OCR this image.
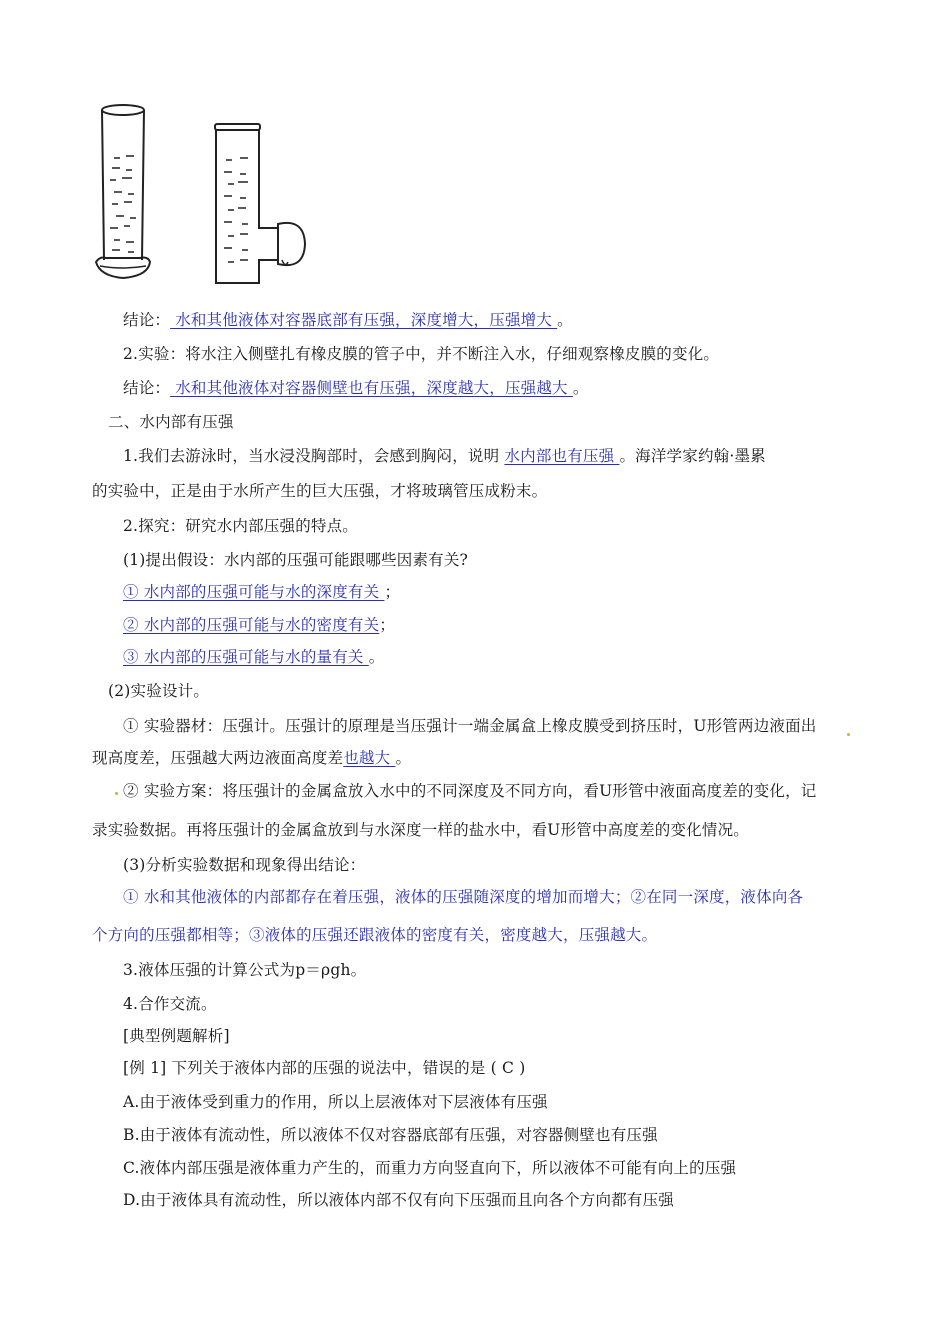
结论： 水和其他液体对容器底部有压强，深度增大，压强增大 。
2.实验：将水注入侧壁扎有橡皮膜的管子中，并不断注入水，仔细观察橡皮膜的变化。
结论： 水和其他液体对容器侧壁也有压强，深度越大，压强越大 。
二、水内部有压强
1.我们去游泳时，当水浸没胸部时，会感到胸闷，说明 水内部也有压强 。海洋学家约翰·墨累
的实验中，正是由于水所产生的巨大压强，才将玻璃管压成粉末。
2.探究：研究水内部压强的特点。
(1)提出假设：水内部的压强可能跟哪些因素有关?
① 水内部的压强可能与水的深度有关 ；
② 水内部的压强可能与水的密度有关；
③ 水内部的压强可能与水的量有关 。
(2)实验设计。
① 实验器材：压强计。压强计的原理是当压强计一端金属盒上橡皮膜受到挤压时，U形管两边液面出
现高度差，压强越大两边液面高度差也越大 。
② 实验方案：将压强计的金属盒放入水中的不同深度及不同方向，看U形管中液面高度差的变化，记
录实验数据。再将压强计的金属盒放到与水深度一样的盐水中，看U形管中高度差的变化情况。
(3)分析实验数据和现象得出结论：
① 水和其他液体的内部都存在着压强，液体的压强随深度的增加而增大；②在同一深度，液体向各
个方向的压强都相等；③液体的压强还跟液体的密度有关，密度越大，压强越大。
3.液体压强的计算公式为p＝ρgh。
4.合作交流。
[典型例题解析]
[例 1] 下列关于液体内部的压强的说法中，错误的是 ( C )
A.由于液体受到重力的作用，所以上层液体对下层液体有压强
B.由于液体有流动性，所以液体不仅对容器底部有压强，对容器侧壁也有压强
C.液体内部压强是液体重力产生的，而重力方向竖直向下，所以液体不可能有向上的压强
D.由于液体具有流动性，所以液体内部不仅有向下压强而且向各个方向都有压强
